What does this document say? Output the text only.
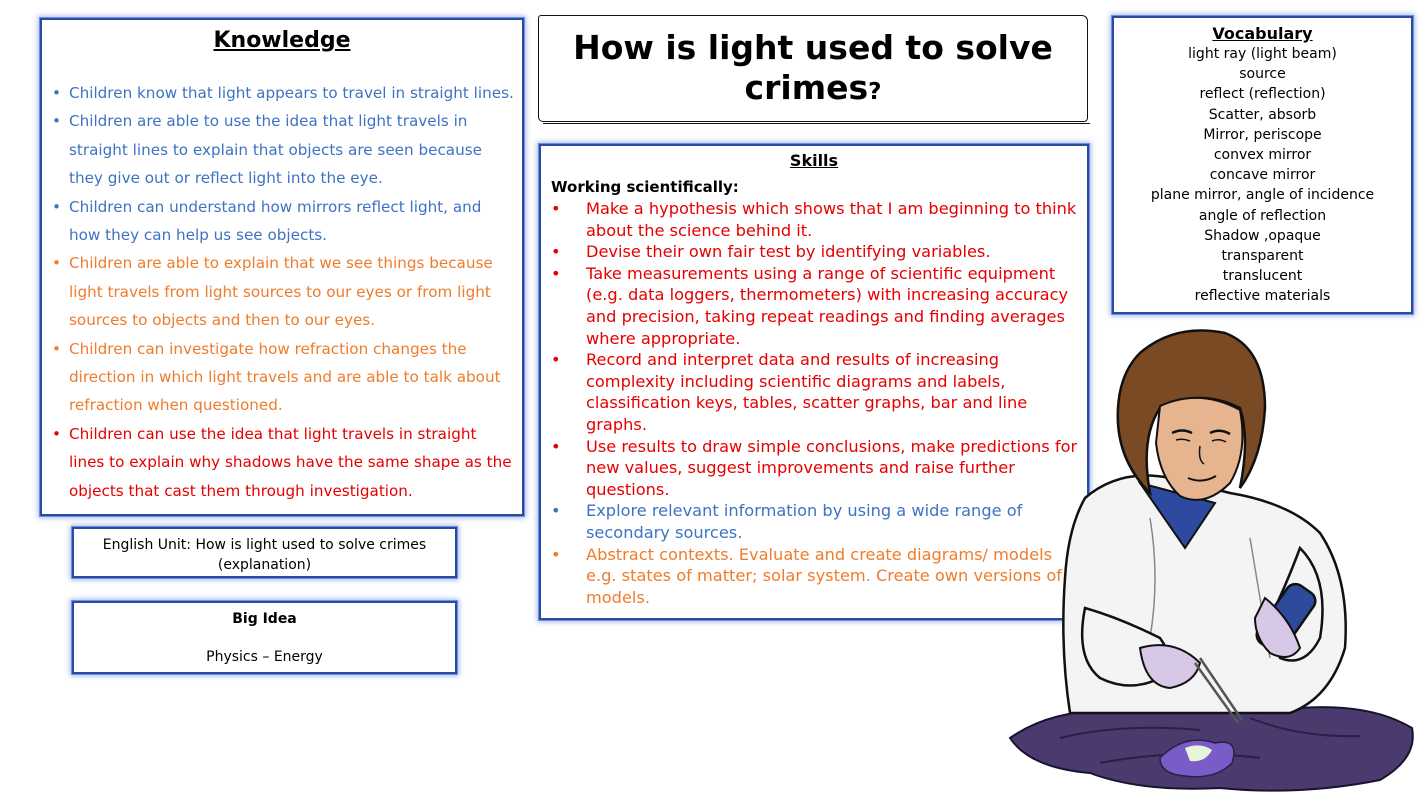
Knowledge
• Children know that light appears to travel in straight lines.
• Children are able to use the idea that light travels in straight lines to explain that objects are seen because they give out or reflect light into the eye.
• Children can understand how mirrors reflect light, and how they can help us see objects.
• Children are able to explain that we see things because light travels from light sources to our eyes or from light sources to objects and then to our eyes.
• Children can investigate how refraction changes the direction in which light travels and are able to talk about refraction when questioned.
• Children can use the idea that light travels in straight lines to explain why shadows have the same shape as the objects that cast them through investigation.
English Unit: How is light used to solve crimes
(explanation)
Big Idea
Physics – Energy
How is light used to solve crimes?
Skills
Working scientifically:
• Make a hypothesis which shows that I am beginning to think about the science behind it.
• Devise their own fair test by identifying variables.
• Take measurements using a range of scientific equipment (e.g. data loggers, thermometers) with increasing accuracy and precision, taking repeat readings and finding averages where appropriate.
• Record and interpret data and results of increasing complexity including scientific diagrams and labels, classification keys, tables, scatter graphs, bar and line graphs.
• Use results to draw simple conclusions, make predictions for new values, suggest improvements and raise further questions.
• Explore relevant information by using a wide range of secondary sources.
• Abstract contexts. Evaluate and create diagrams/ models e.g. states of matter; solar system. Create own versions of models.
Vocabulary
light ray (light beam)
source
reflect (reflection)
Scatter, absorb
Mirror, periscope
convex mirror
concave mirror
plane mirror, angle of incidence
angle of reflection
Shadow ,opaque
transparent
translucent
reflective materials
